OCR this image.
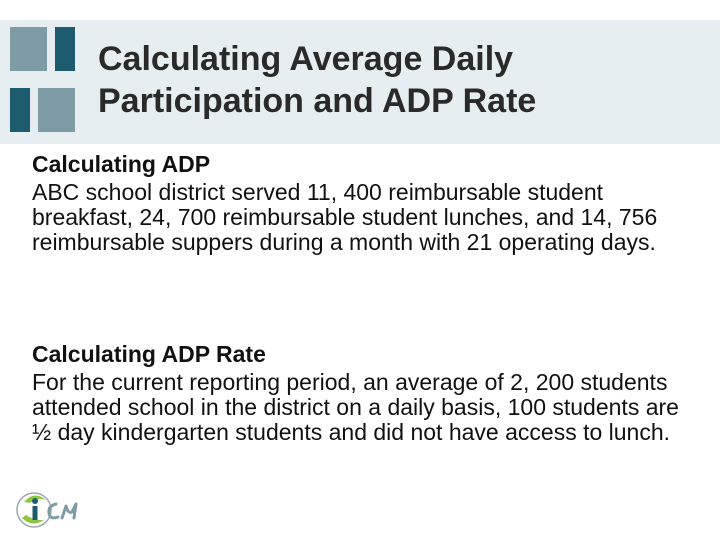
Calculating Average Daily
Participation and ADP Rate
Calculating ADP
ABC school district served 11, 400 reimbursable student breakfast, 24, 700 reimbursable student lunches, and 14, 756 reimbursable suppers during a month with 21 operating days.
Calculating ADP Rate
For the current reporting period, an average of 2, 200 students attended school in the district on a daily basis, 100 students are ½ day kindergarten students and did not have access to lunch.
